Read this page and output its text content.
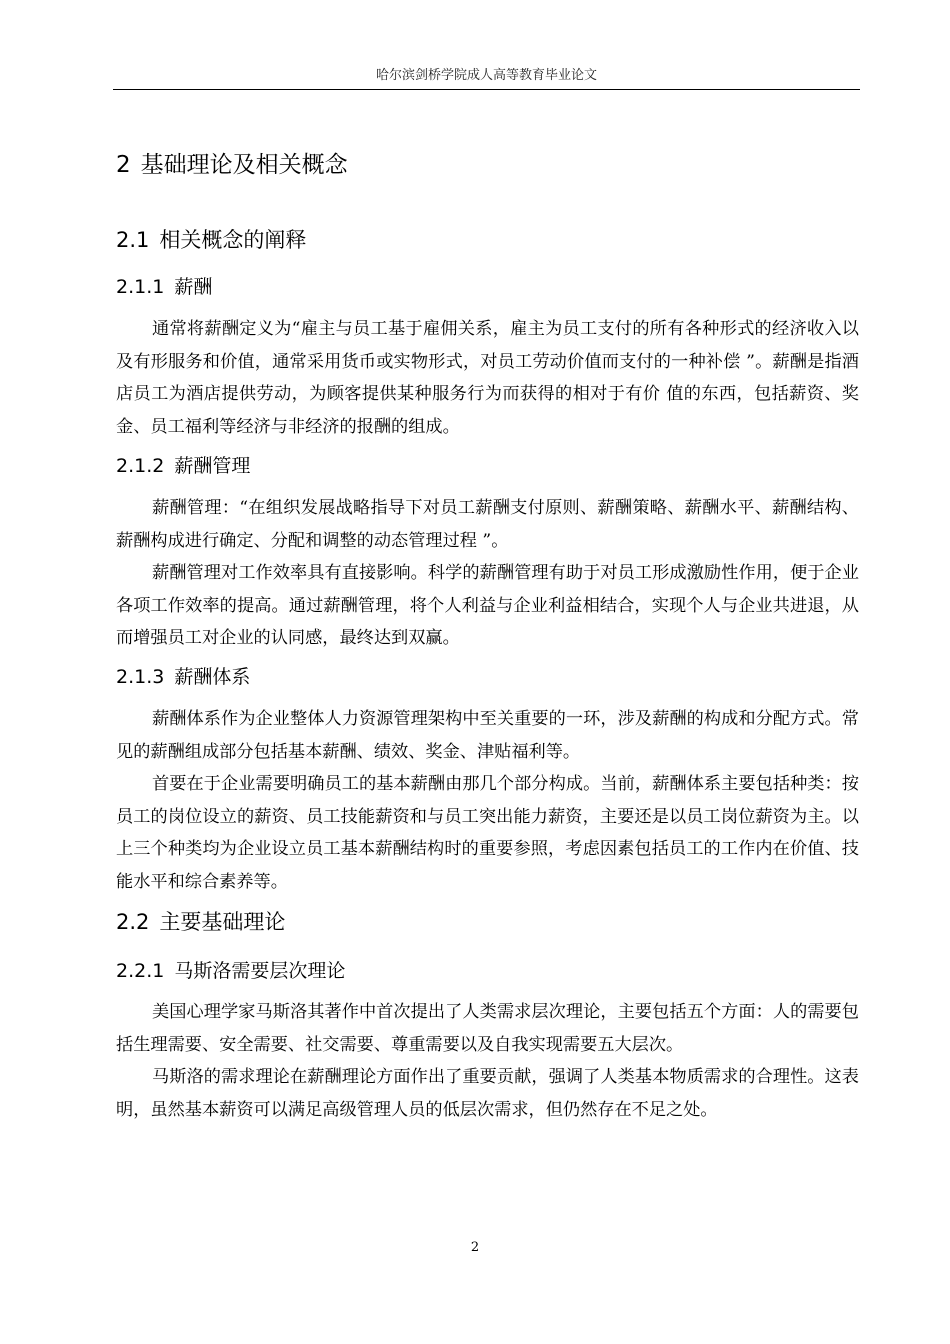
哈尔滨剑桥学院成人高等教育毕业论文
2 基础理论及相关概念
2.1 相关概念的阐释
2.1.1 薪酬

通常将薪酬定义为“雇主与员工基于雇佣关系，雇主为员工支付的所有各种形式的经济收入以及有形服务和价值，通常采用货币或实物形式，对员工劳动价值而支付的一种补偿 ”。薪酬是指酒店员工为酒店提供劳动，为顾客提供某种服务行为而获得的相对于有价 值的东西，包括薪资、奖金、员工福利等经济与非经济的报酬的组成。

2.1.2 薪酬管理

薪酬管理：“在组织发展战略指导下对员工薪酬支付原则、薪酬策略、薪酬水平、薪酬结构、薪酬构成进行确定、分配和调整的动态管理过程 ”。

薪酬管理对工作效率具有直接影响。科学的薪酬管理有助于对员工形成激励性作用，便于企业各项工作效率的提高。通过薪酬管理，将个人利益与企业利益相结合，实现个人与企业共进退，从而增强员工对企业的认同感，最终达到双赢。

2.1.3 薪酬体系

薪酬体系作为企业整体人力资源管理架构中至关重要的一环，涉及薪酬的构成和分配方式。常见的薪酬组成部分包括基本薪酬、绩效、奖金、津贴福利等。

首要在于企业需要明确员工的基本薪酬由那几个部分构成。当前，薪酬体系主要包括种类：按员工的岗位设立的薪资、员工技能薪资和与员工突出能力薪资，主要还是以员工岗位薪资为主。以上三个种类均为企业设立员工基本薪酬结构时的重要参照，考虑因素包括员工的工作内在价值、技能水平和综合素养等。

2.2 主要基础理论
2.2.1 马斯洛需要层次理论

美国心理学家马斯洛其著作中首次提出了人类需求层次理论，主要包括五个方面：人的需要包括生理需要、安全需要、社交需要、尊重需要以及自我实现需要五大层次。

马斯洛的需求理论在薪酬理论方面作出了重要贡献，强调了人类基本物质需求的合理性。这表明，虽然基本薪资可以满足高级管理人员的低层次需求，但仍然存在不足之处。

2
